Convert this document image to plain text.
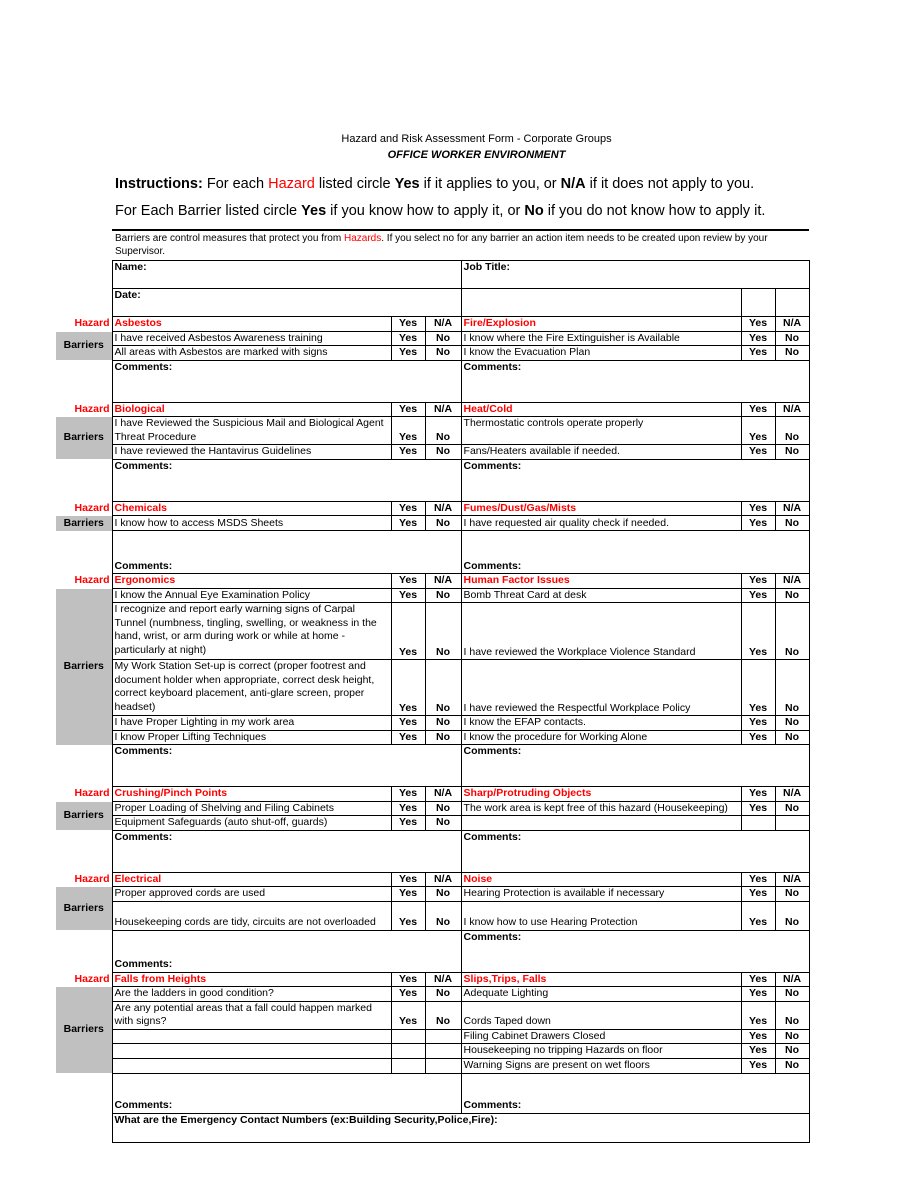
Hazard and Risk Assessment Form - Corporate Groups
OFFICE WORKER ENVIRONMENT
Instructions: For each Hazard listed circle Yes if it applies to you, or N/A if it does not apply to you.
For Each Barrier listed circle Yes if you know how to apply it, or No if you do not know how to apply it.
Barriers are control measures that protect you from Hazards. If you select no for any barrier an action item needs to be created upon review by your Supervisor.
	Name:			Job Title:		
	Date:					
Hazard	Asbestos	Yes	N/A	Fire/Explosion	Yes	N/A
Barriers	I have received Asbestos Awareness training	Yes	No	I know where the Fire Extinguisher is Available	Yes	No
	All areas with Asbestos are marked with signs	Yes	No	I know the Evacuation Plan	Yes	No
	Comments:			Comments:		
Hazard	Biological	Yes	N/A	Heat/Cold	Yes	N/A
Barriers	I have Reviewed the Suspicious Mail and Biological Agent Threat Procedure	Yes	No	Thermostatic controls operate properly	Yes	No
	I have reviewed the Hantavirus Guidelines	Yes	No	Fans/Heaters available if needed.	Yes	No
	Comments:			Comments:		
Hazard	Chemicals	Yes	N/A	Fumes/Dust/Gas/Mists	Yes	N/A
Barriers	I know how to access MSDS Sheets	Yes	No	I have requested air quality check if needed.	Yes	No
	Comments:			Comments:		
Hazard	Ergonomics	Yes	N/A	Human Factor Issues	Yes	N/A
Barriers	I know the Annual Eye Examination Policy	Yes	No	Bomb Threat Card at desk	Yes	No
	I recognize and report early warning signs of Carpal Tunnel (numbness, tingling, swelling, or weakness in the hand, wrist, or arm during work or while at home - particularly at night)	Yes	No	I have reviewed the Workplace Violence Standard	Yes	No
	My Work Station Set-up is correct (proper footrest and document holder when appropriate, correct desk height, correct keyboard placement, anti-glare screen, proper headset)	Yes	No	I have reviewed the Respectful Workplace Policy	Yes	No
	I have Proper Lighting in my work area	Yes	No	I know the EFAP contacts.	Yes	No
	I know Proper Lifting Techniques	Yes	No	I know the procedure for Working Alone	Yes	No
	Comments:			Comments:		
Hazard	Crushing/Pinch Points	Yes	N/A	Sharp/Protruding Objects	Yes	N/A
Barriers	Proper Loading of Shelving and Filing Cabinets	Yes	No	The work area is kept free of this hazard (Housekeeping)	Yes	No
	Equipment Safeguards (auto shut-off, guards)	Yes	No			
	Comments:			Comments:		
Hazard	Electrical	Yes	N/A	Noise	Yes	N/A
Barriers	Proper approved cords are used	Yes	No	Hearing Protection is available if necessary	Yes	No
	Housekeeping cords are tidy, circuits are not overloaded	Yes	No	I know how to use Hearing Protection	Yes	No
	Comments:			Comments:		
Hazard	Falls from Heights	Yes	N/A	Slips,Trips, Falls	Yes	N/A
Barriers	Are the ladders in good condition?	Yes	No	Adequate Lighting	Yes	No
	Are any potential areas that a fall could happen marked with signs?	Yes	No	Cords Taped down	Yes	No
				Filing Cabinet Drawers Closed	Yes	No
				Housekeeping no tripping Hazards on floor	Yes	No
				Warning Signs are present on wet floors	Yes	No
	Comments:			Comments:		
	What are the Emergency Contact Numbers (ex:Building Security,Police,Fire):					
